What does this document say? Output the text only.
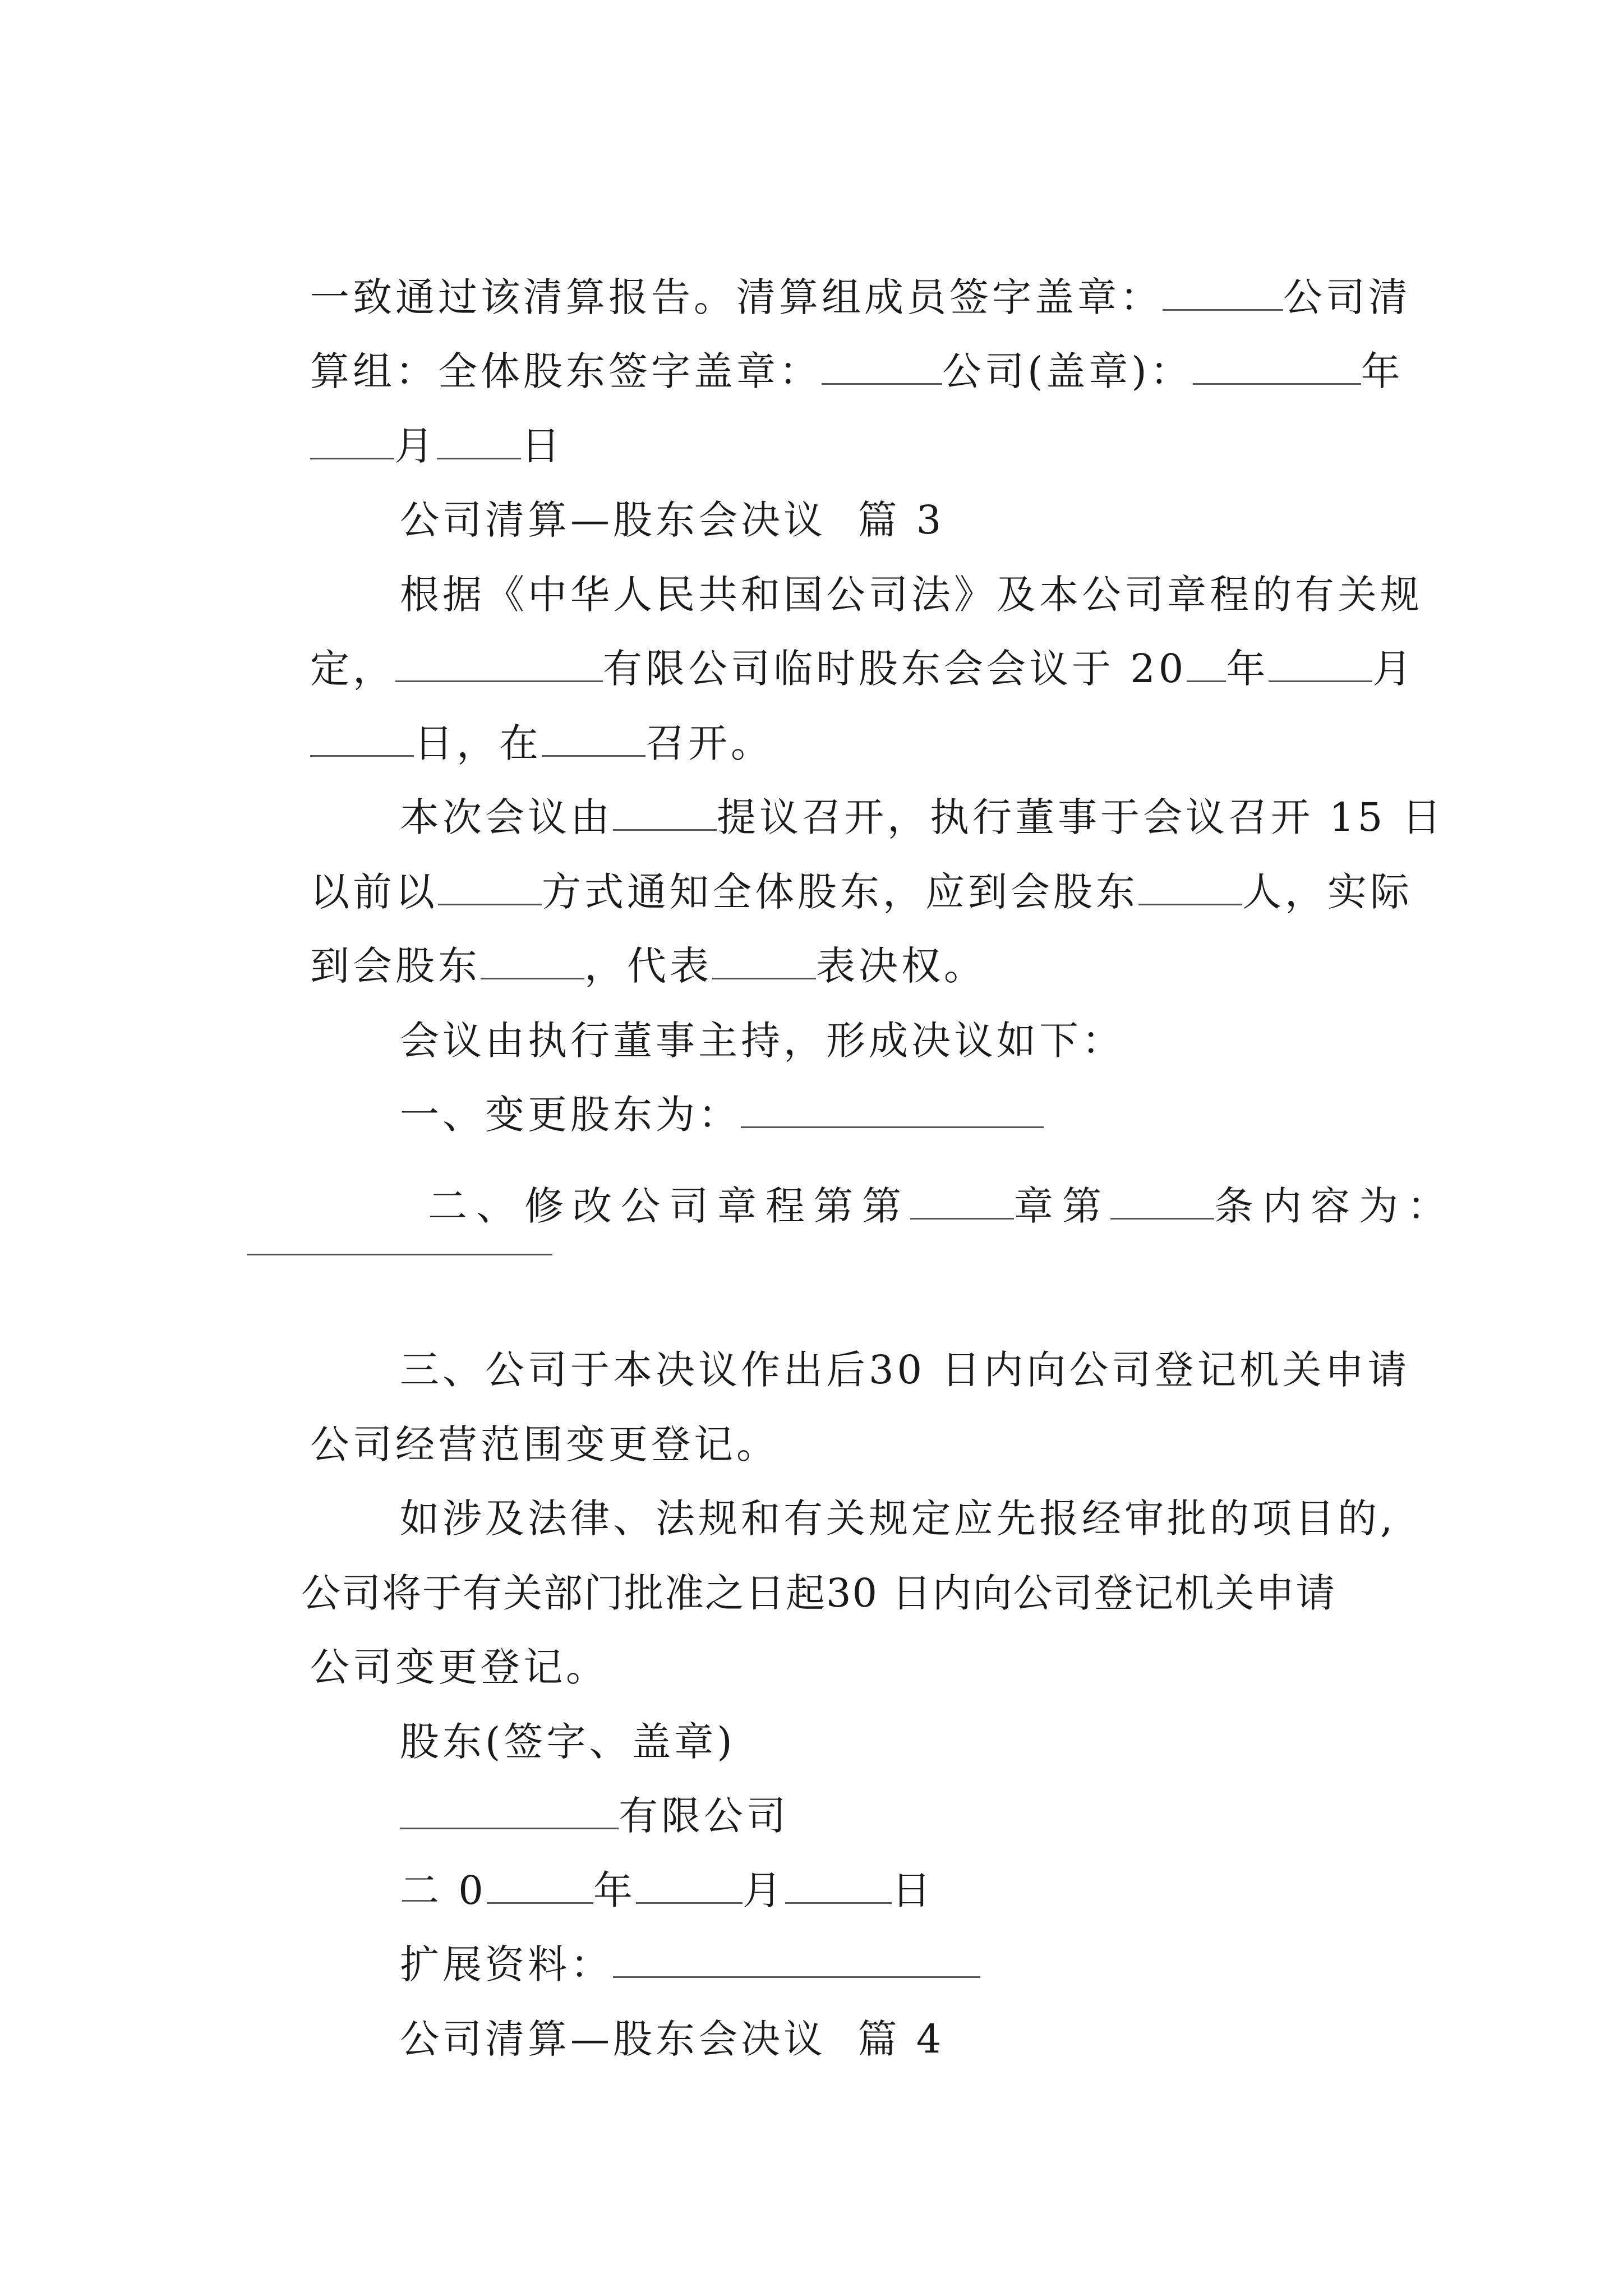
一致通过该清算报告。清算组成员签字盖章：	公司清

算组：全体股东签字盖章：	公司(盖章)：	年

月 日

公司清算—股东会决议  篇 3

根据《中华人民共和国公司法》及本公司章程的有关规

定，	有限公司临时股东会会议于 20 年	月

日，在	召开。

本次会议由	提议召开，执行董事于会议召开 15 日

以前以	方式通知全体股东，应到会股东	人，实际

到会股东	，代表	表决权。

会议由执行董事主持，形成决议如下：

一、变更股东为：

二、修改公司章程第第	章第	条内容为：

三、公司于本决议作出后30 日内向公司登记机关申请

公司经营范围变更登记。

如涉及法律、法规和有关规定应先报经审批的项目的,

公司将于有关部门批准之日起30 日内向公司登记机关申请

公司变更登记。

股东(签字、盖章)

有限公司

二 0	年	月	日

扩展资料：

公司清算—股东会决议  篇 4
